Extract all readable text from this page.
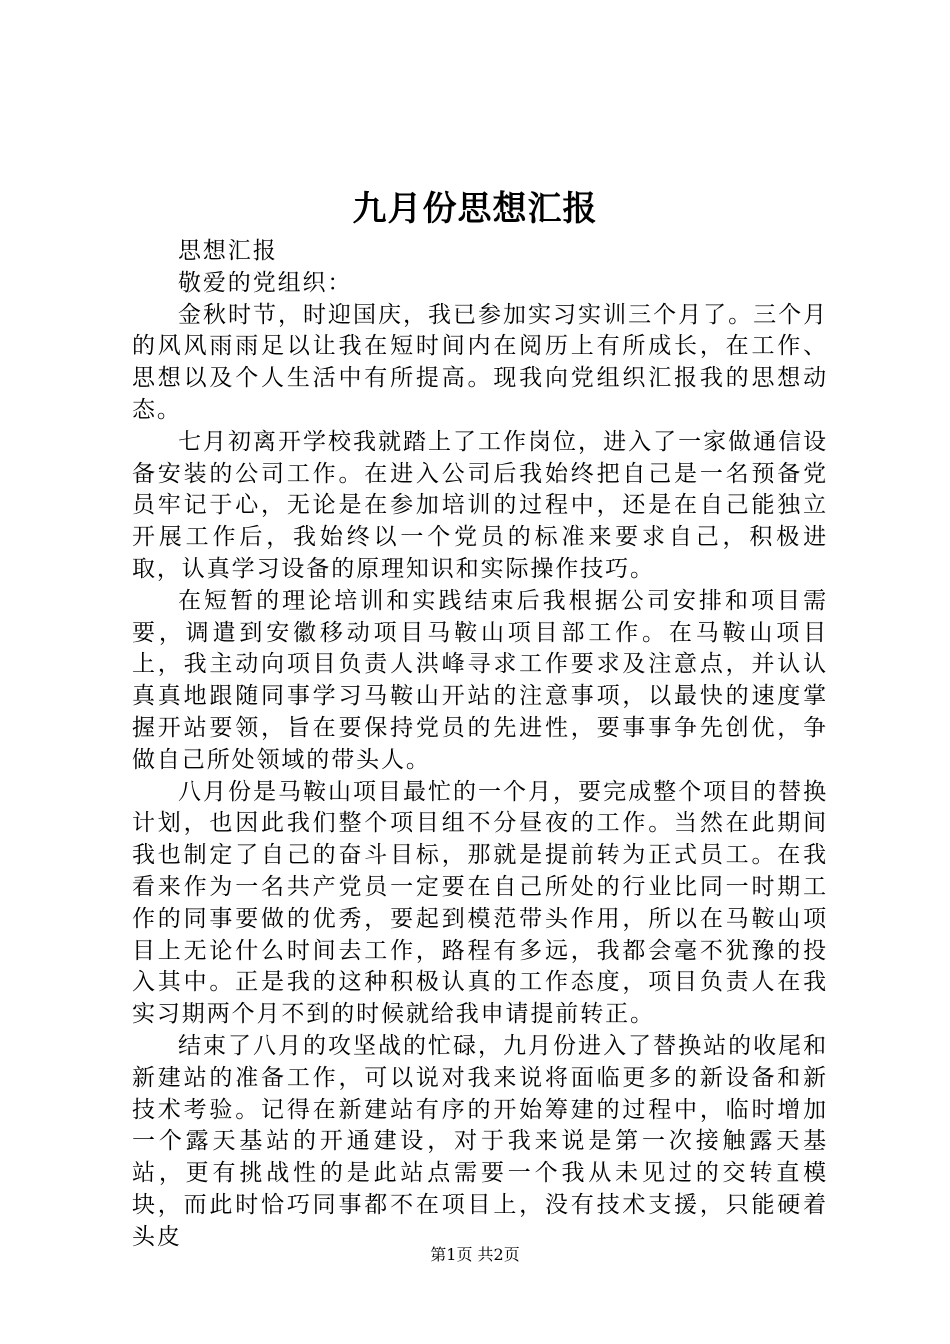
九月份思想汇报

思想汇报

敬爱的党组织：

金秋时节，时迎国庆，我已参加实习实训三个月了。三个月的风风雨雨足以让我在短时间内在阅历上有所成长，在工作、思想以及个人生活中有所提高。现我向党组织汇报我的思想动态。

七月初离开学校我就踏上了工作岗位，进入了一家做通信设备安装的公司工作。在进入公司后我始终把自己是一名预备党员牢记于心，无论是在参加培训的过程中，还是在自己能独立开展工作后，我始终以一个党员的标准来要求自己，积极进取，认真学习设备的原理知识和实际操作技巧。

在短暂的理论培训和实践结束后我根据公司安排和项目需要，调遣到安徽移动项目马鞍山项目部工作。在马鞍山项目上，我主动向项目负责人洪峰寻求工作要求及注意点，并认认真真地跟随同事学习马鞍山开站的注意事项，以最快的速度掌握开站要领，旨在要保持党员的先进性，要事事争先创优，争做自己所处领域的带头人。

八月份是马鞍山项目最忙的一个月，要完成整个项目的替换计划，也因此我们整个项目组不分昼夜的工作。当然在此期间我也制定了自己的奋斗目标，那就是提前转为正式员工。在我看来作为一名共产党员一定要在自己所处的行业比同一时期工作的同事要做的优秀，要起到模范带头作用，所以在马鞍山项目上无论什么时间去工作，路程有多远，我都会毫不犹豫的投入其中。正是我的这种积极认真的工作态度，项目负责人在我实习期两个月不到的时候就给我申请提前转正。

结束了八月的攻坚战的忙碌，九月份进入了替换站的收尾和新建站的准备工作，可以说对我来说将面临更多的新设备和新技术考验。记得在新建站有序的开始筹建的过程中，临时增加一个露天基站的开通建设，对于我来说是第一次接触露天基站，更有挑战性的是此站点需要一个我从未见过的交转直模块，而此时恰巧同事都不在项目上，没有技术支援，只能硬着头皮

第1页 共2页
